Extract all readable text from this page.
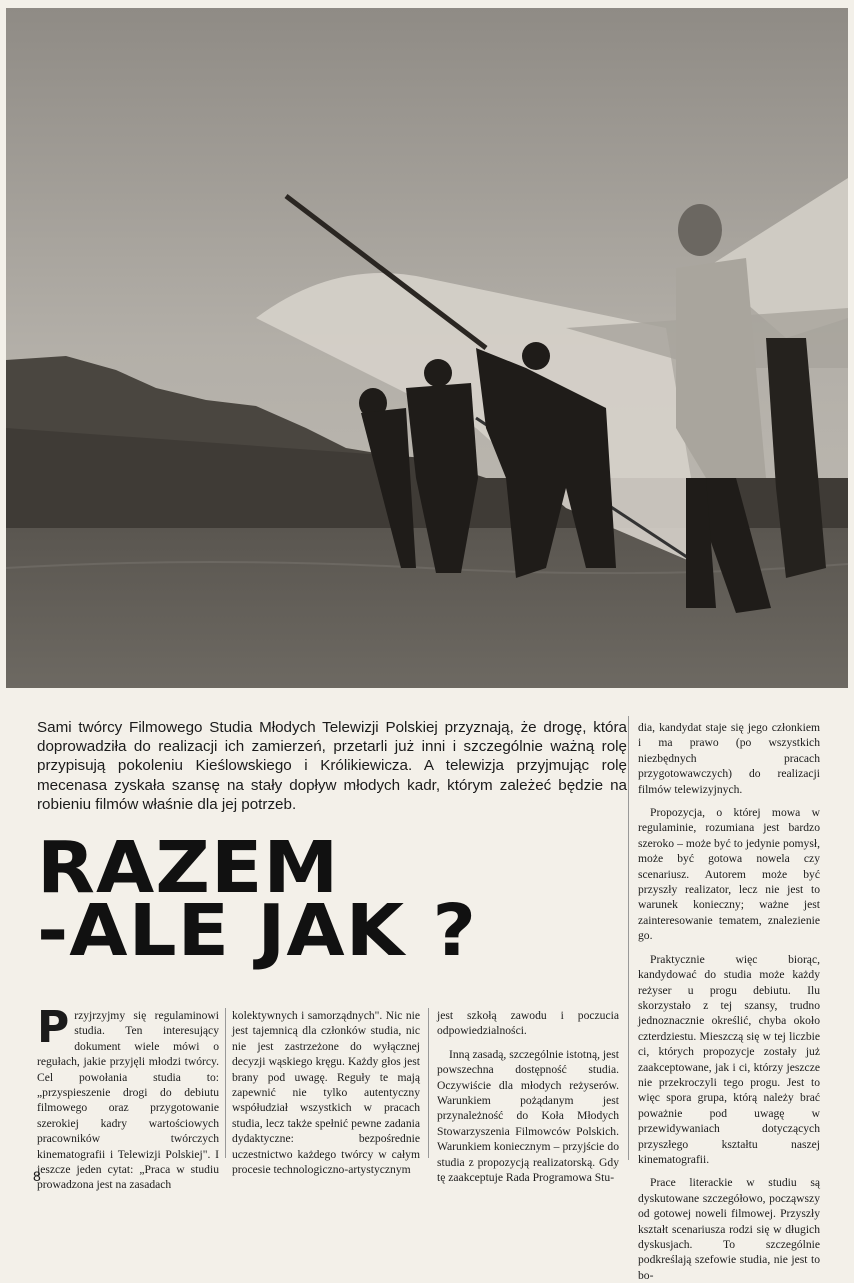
Sami twórcy Filmowego Studia Młodych Telewizji Polskiej przyznają, że drogę, która doprowadziła do realizacji ich zamierzeń, przetarli już inni i szczególnie ważną rolę przypisują pokoleniu Kieślowskiego i Królikiewicza. A telewizja przyjmując rolę mecenasa zyskała szansę na stały dopływ młodych kadr, którym zależeć będzie na robieniu filmów właśnie dla jej potrzeb.

RAZEM
-ALE JAK ?

Przyjrzyjmy się regulaminowi studia. Ten interesujący dokument wiele mówi o regułach, jakie przyjęli młodzi twórcy. Cel powołania studia to: „przyspieszenie drogi do debiutu filmowego oraz przygotowanie szerokiej kadry wartościowych pracowników twórczych kinematografii i Telewizji Polskiej". I jeszcze jeden cytat: „Praca w studiu prowadzona jest na zasadach

kolektywnych i samorządnych". Nic nie jest tajemnicą dla członków studia, nic nie jest zastrzeżone do wyłącznej decyzji wąskiego kręgu. Każdy głos jest brany pod uwagę. Reguły te mają zapewnić nie tylko autentyczny współudział wszystkich w pracach studia, lecz także spełnić pewne zadania dydaktyczne: bezpośrednie uczestnictwo każdego twórcy w całym procesie technologiczno-artystycznym

jest szkołą zawodu i poczucia odpowiedzialności.

Inną zasadą, szczególnie istotną, jest powszechna dostępność studia. Oczywiście dla młodych reżyserów. Warunkiem pożądanym jest przynależność do Koła Młodych Stowarzyszenia Filmowców Polskich. Warunkiem koniecznym – przyjście do studia z propozycją realizatorską. Gdy tę zaakceptuje Rada Programowa Stu-

dia, kandydat staje się jego członkiem i ma prawo (po wszystkich niezbędnych pracach przygotowawczych) do realizacji filmów telewizyjnych.

Propozycja, o której mowa w regulaminie, rozumiana jest bardzo szeroko – może być to jedynie pomysł, może być gotowa nowela czy scenariusz. Autorem może być przyszły realizator, lecz nie jest to warunek konieczny; ważne jest zainteresowanie tematem, znalezienie go.

Praktycznie więc biorąc, kandydować do studia może każdy reżyser u progu debiutu. Ilu skorzystało z tej szansy, trudno jednoznacznie określić, chyba około czterdziestu. Mieszczą się w tej liczbie ci, których propozycje zostały już zaakceptowane, jak i ci, którzy jeszcze nie przekroczyli tego progu. Jest to więc spora grupa, którą należy brać poważnie pod uwagę w przewidywaniach dotyczących przyszłego kształtu naszej kinematografii.

Prace literackie w studiu są dyskutowane szczegółowo, począwszy od gotowej noweli filmowej. Przyszły kształt scenariusza rodzi się w długich dyskusjach. To szczególnie podkreślają szefowie studia, nie jest to bo-

8
